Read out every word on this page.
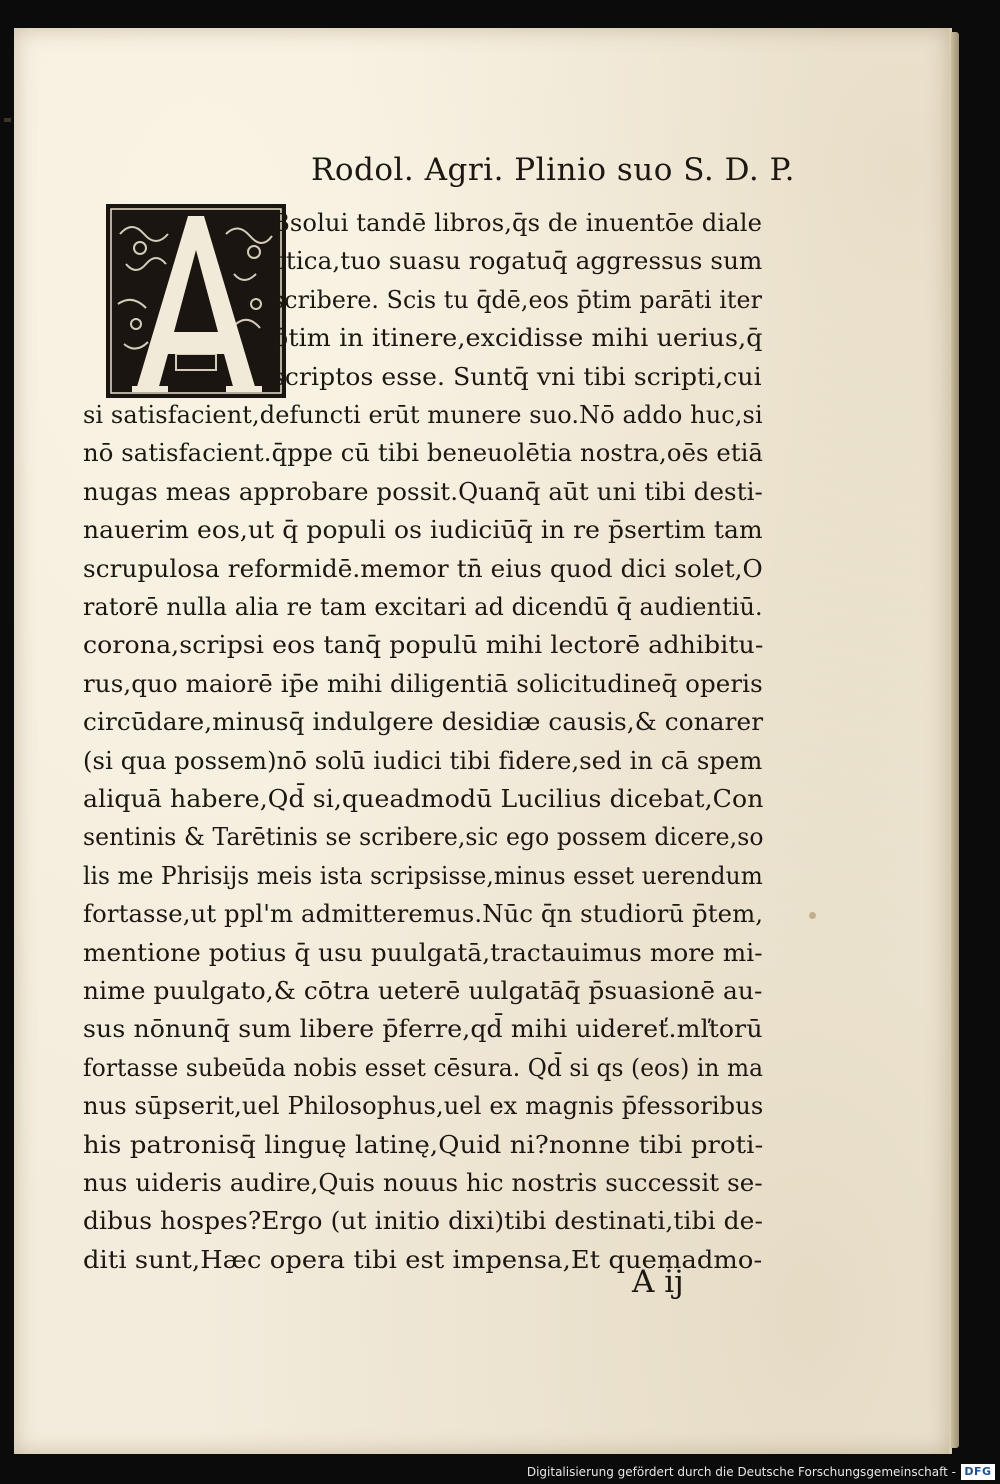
Rodol. Agri. Plinio suo S. D. P.
Bsolui tandē libros,q̄s de inuentōe diale
ctica,tuo suasu rogatuq̄ aggressus sum
scribere. Scis tu q̄dē,eos p̄tim parāti iter
p̄tim in itinere,excidisse mihi uerius,q̄
scriptos esse. Suntq̄ vni tibi scripti,cui
si satisfacient,defuncti erūt munere suo.Nō addo huc,si
nō satisfacient.q̄ppe cū tibi beneuolētia nostra,oēs etiā
nugas meas approbare possit.Quanq̄ aūt uni tibi desti-
nauerim eos,ut q̄ populi os iudiciūq̄ in re p̄sertim tam
scrupulosa reformidē.memor tn̄ eius quod dici solet,O
ratorē nulla alia re tam excitari ad dicendū q̄ audientiū.
corona,scripsi eos tanq̄ populū mihi lectorē adhibitu-
rus,quo maiorē ip̄e mihi diligentiā solicitudineq̄ operis
circūdare,minusq̄ indulgere desidiæ causis,& conarer
(si qua possem)nō solū iudici tibi fidere,sed in cā spem
aliquā habere,Qd̄ si,queadmodū Lucilius dicebat,Con
sentinis & Tarētinis se scribere,sic ego possem dicere,so
lis me Phrisijs meis ista scripsisse,minus esset uerendum
fortasse,ut ppl'm admitteremus.Nūc q̄n studiorū p̄tem,
mentione potius q̄ usu puulgatā,tractauimus more mi-
nime puulgato,& cōtra ueterē uulgatāq̄ p̄suasionē au-
sus nōnunq̄ sum libere p̄ferre,qd̄ mihi uidereť.mľtorū
fortasse subeūda nobis esset cēsura. Qd̄ si qs (eos) in ma
nus sūpserit,uel Philosophus,uel ex magnis p̄fessoribus
his patronisq̄ linguę latinę,Quid ni?nonne tibi proti-
nus uideris audire,Quis nouus hic nostris successit se-
dibus hospes?Ergo (ut initio dixi)tibi destinati,tibi de-
diti sunt,Hæc opera tibi est impensa,Et quemadmo-
A ij
Digitalisierung gefördert durch die Deutsche Forschungsgemeinschaft - DFG
